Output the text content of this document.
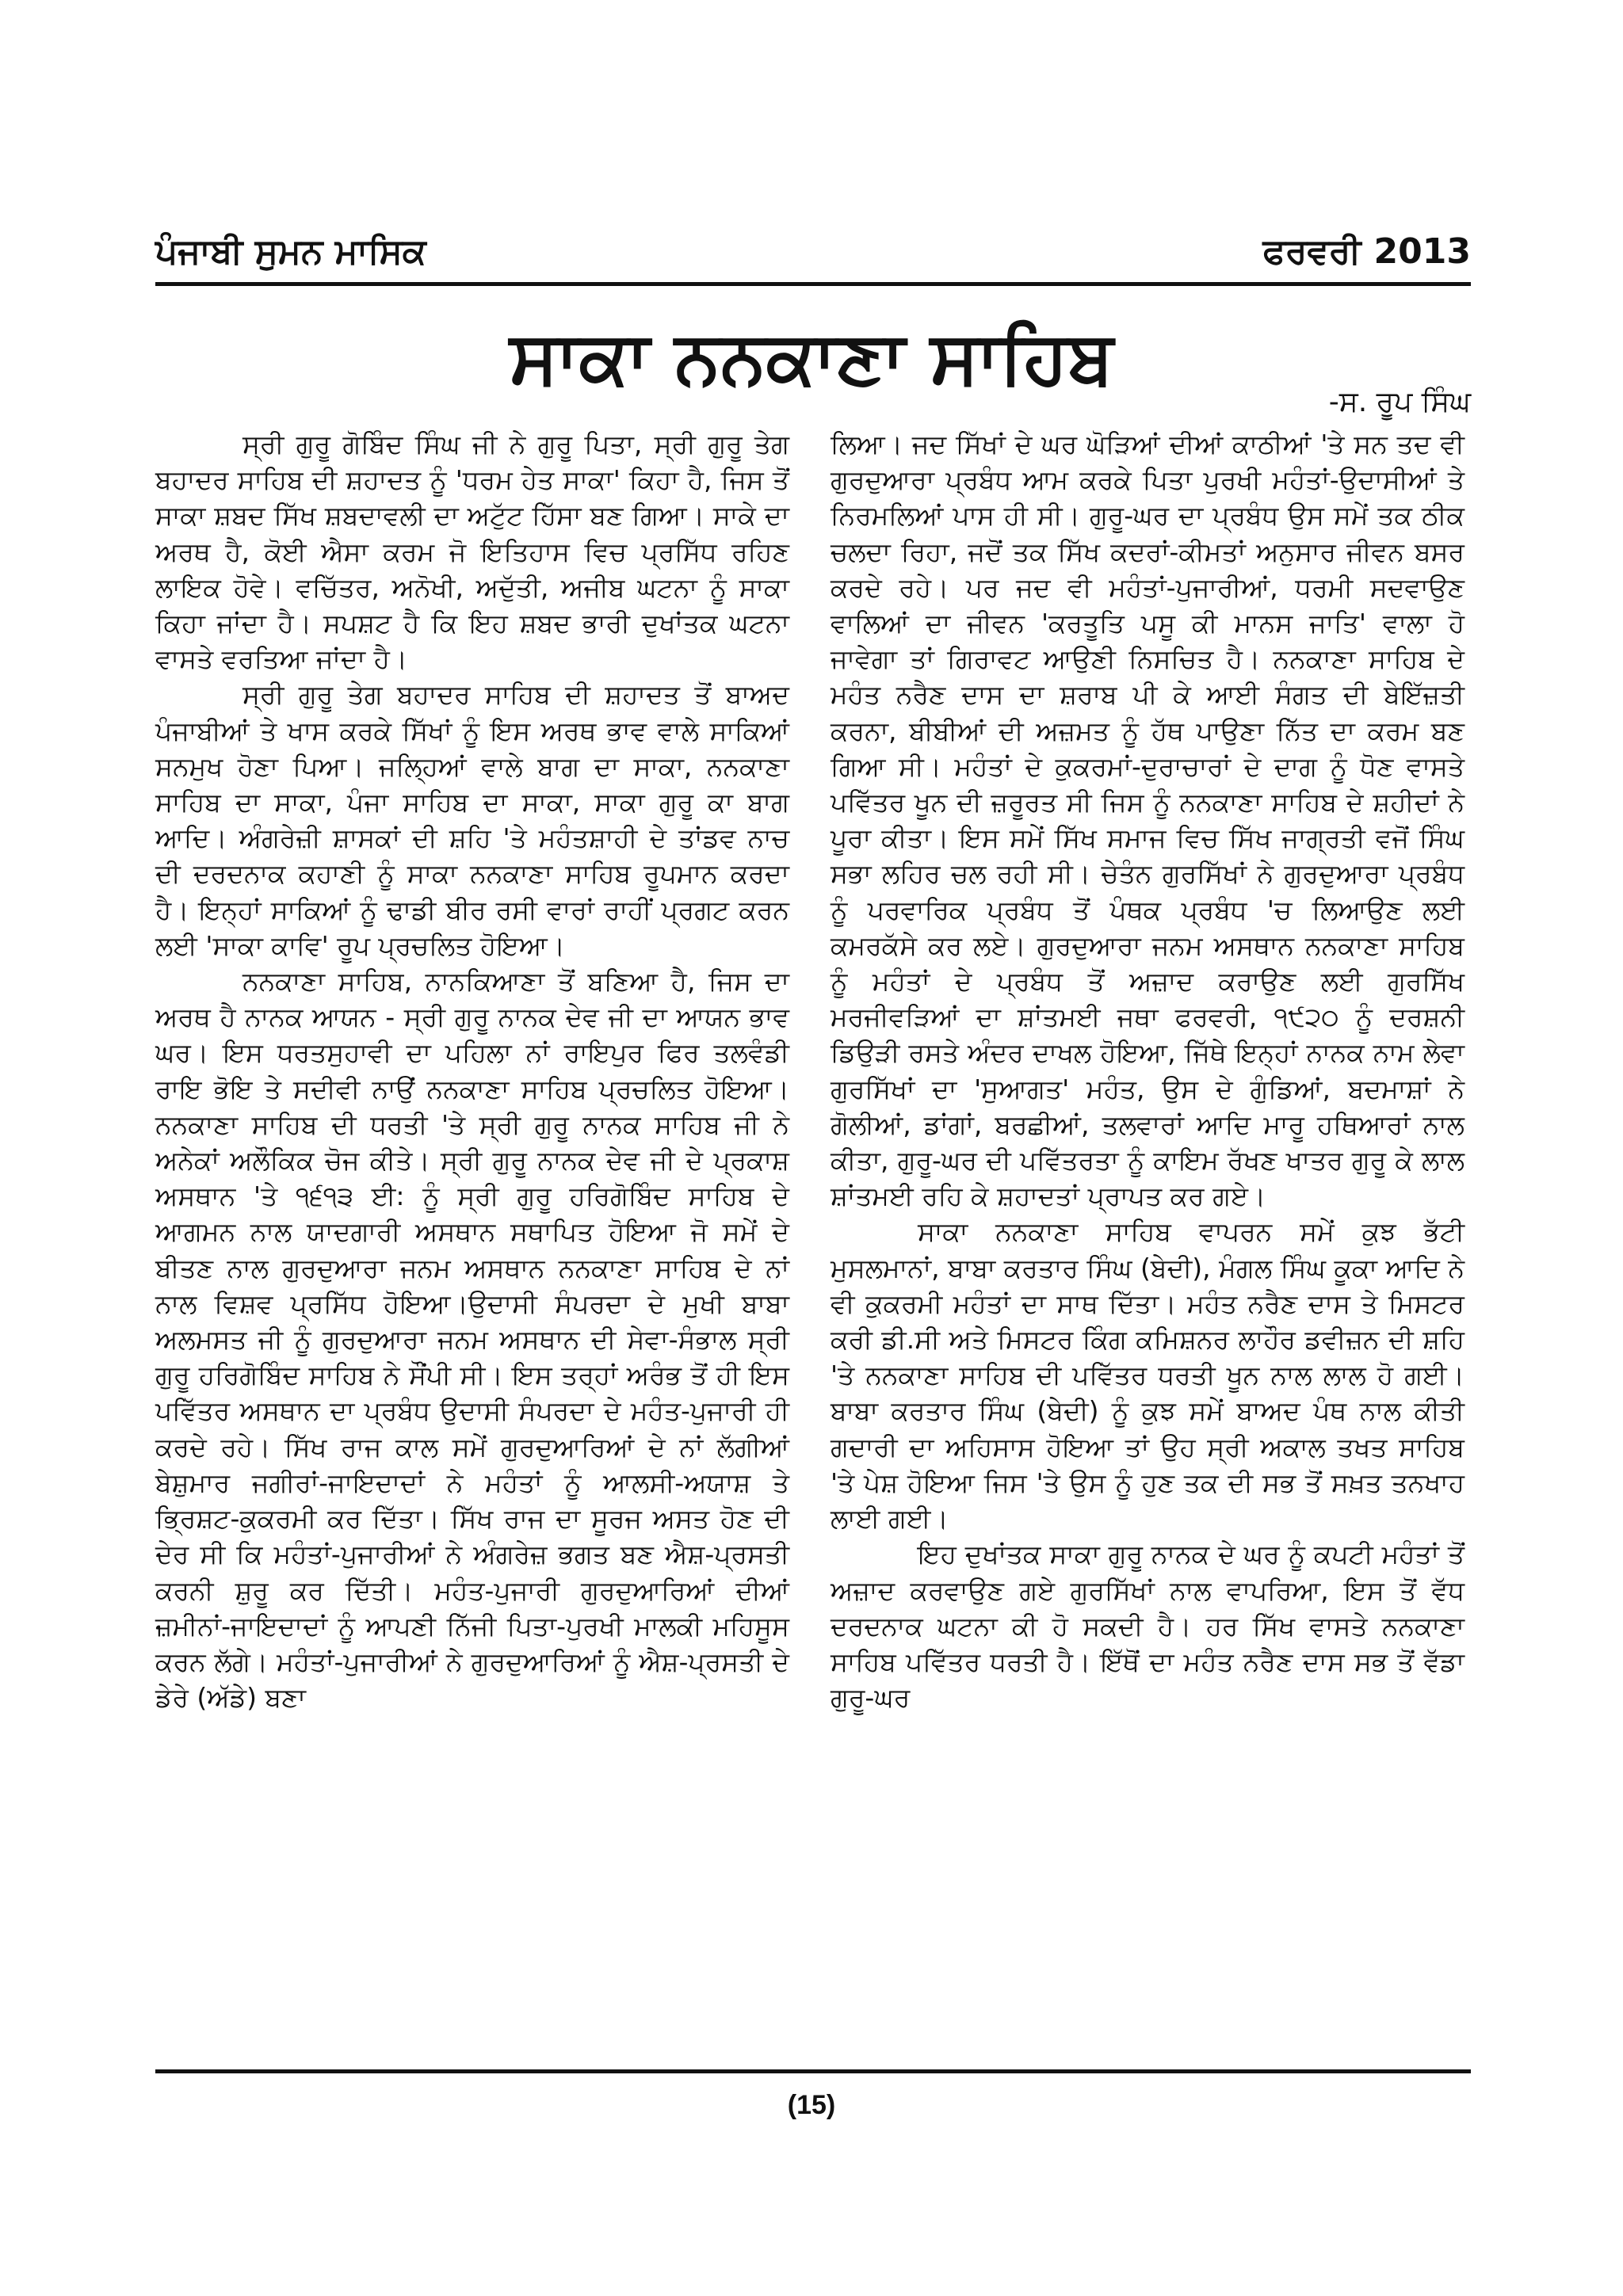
ਪੰਜਾਬੀ ਸੁਮਨ ਮਾਸਿਕ	ਫਰਵਰੀ 2013
ਸਾਕਾ ਨਨਕਾਣਾ ਸਾਹਿਬ
-ਸ. ਰੂਪ ਸਿੰਘ

ਸ੍ਰੀ ਗੁਰੂ ਗੋਬਿੰਦ ਸਿੰਘ ਜੀ ਨੇ ਗੁਰੂ ਪਿਤਾ, ਸ੍ਰੀ ਗੁਰੂ ਤੇਗ ਬਹਾਦਰ ਸਾਹਿਬ ਦੀ ਸ਼ਹਾਦਤ ਨੂੰ 'ਧਰਮ ਹੇਤ ਸਾਕਾ' ਕਿਹਾ ਹੈ, ਜਿਸ ਤੋਂ ਸਾਕਾ ਸ਼ਬਦ ਸਿੱਖ ਸ਼ਬਦਾਵਲੀ ਦਾ ਅਟੁੱਟ ਹਿੱਸਾ ਬਣ ਗਿਆ। ਸਾਕੇ ਦਾ ਅਰਥ ਹੈ, ਕੋਈ ਐਸਾ ਕਰਮ ਜੋ ਇਤਿਹਾਸ ਵਿਚ ਪ੍ਰਸਿੱਧ ਰਹਿਣ ਲਾਇਕ ਹੋਵੇ। ਵਚਿੱਤਰ, ਅਨੋਖੀ, ਅਦੁੱਤੀ, ਅਜੀਬ ਘਟਨਾ ਨੂੰ ਸਾਕਾ ਕਿਹਾ ਜਾਂਦਾ ਹੈ। ਸਪਸ਼ਟ ਹੈ ਕਿ ਇਹ ਸ਼ਬਦ ਭਾਰੀ ਦੁਖਾਂਤਕ ਘਟਨਾ ਵਾਸਤੇ ਵਰਤਿਆ ਜਾਂਦਾ ਹੈ।

ਸ੍ਰੀ ਗੁਰੂ ਤੇਗ ਬਹਾਦਰ ਸਾਹਿਬ ਦੀ ਸ਼ਹਾਦਤ ਤੋਂ ਬਾਅਦ ਪੰਜਾਬੀਆਂ ਤੇ ਖਾਸ ਕਰਕੇ ਸਿੱਖਾਂ ਨੂੰ ਇਸ ਅਰਥ ਭਾਵ ਵਾਲੇ ਸਾਕਿਆਂ ਸਨਮੁਖ ਹੋਣਾ ਪਿਆ। ਜਲ੍ਹਿਆਂ ਵਾਲੇ ਬਾਗ ਦਾ ਸਾਕਾ, ਨਨਕਾਣਾ ਸਾਹਿਬ ਦਾ ਸਾਕਾ, ਪੰਜਾ ਸਾਹਿਬ ਦਾ ਸਾਕਾ, ਸਾਕਾ ਗੁਰੂ ਕਾ ਬਾਗ ਆਦਿ। ਅੰਗਰੇਜ਼ੀ ਸ਼ਾਸਕਾਂ ਦੀ ਸ਼ਹਿ 'ਤੇ ਮਹੰਤਸ਼ਾਹੀ ਦੇ ਤਾਂਡਵ ਨਾਚ ਦੀ ਦਰਦਨਾਕ ਕਹਾਣੀ ਨੂੰ ਸਾਕਾ ਨਨਕਾਣਾ ਸਾਹਿਬ ਰੂਪਮਾਨ ਕਰਦਾ ਹੈ। ਇਨ੍ਹਾਂ ਸਾਕਿਆਂ ਨੂੰ ਢਾਡੀ ਬੀਰ ਰਸੀ ਵਾਰਾਂ ਰਾਹੀਂ ਪ੍ਰਗਟ ਕਰਨ ਲਈ 'ਸਾਕਾ ਕਾਵਿ' ਰੂਪ ਪ੍ਰਚਲਿਤ ਹੋਇਆ।

ਨਨਕਾਣਾ ਸਾਹਿਬ, ਨਾਨਕਿਆਣਾ ਤੋਂ ਬਣਿਆ ਹੈ, ਜਿਸ ਦਾ ਅਰਥ ਹੈ ਨਾਨਕ ਆਯਨ - ਸ੍ਰੀ ਗੁਰੂ ਨਾਨਕ ਦੇਵ ਜੀ ਦਾ ਆਯਨ ਭਾਵ ਘਰ। ਇਸ ਧਰਤਸੁਹਾਵੀ ਦਾ ਪਹਿਲਾ ਨਾਂ ਰਾਇਪੁਰ ਫਿਰ ਤਲਵੰਡੀ ਰਾਇ ਭੋਇ ਤੇ ਸਦੀਵੀ ਨਾਉਂ ਨਨਕਾਣਾ ਸਾਹਿਬ ਪ੍ਰਚਲਿਤ ਹੋਇਆ। ਨਨਕਾਣਾ ਸਾਹਿਬ ਦੀ ਧਰਤੀ 'ਤੇ ਸ੍ਰੀ ਗੁਰੂ ਨਾਨਕ ਸਾਹਿਬ ਜੀ ਨੇ ਅਨੇਕਾਂ ਅਲੌਕਿਕ ਚੋਜ ਕੀਤੇ। ਸ੍ਰੀ ਗੁਰੂ ਨਾਨਕ ਦੇਵ ਜੀ ਦੇ ਪ੍ਰਕਾਸ਼ ਅਸਥਾਨ 'ਤੇ ੧੬੧੩ ਈ: ਨੂੰ ਸ੍ਰੀ ਗੁਰੂ ਹਰਿਗੋਬਿੰਦ ਸਾਹਿਬ ਦੇ ਆਗਮਨ ਨਾਲ ਯਾਦਗਾਰੀ ਅਸਥਾਨ ਸਥਾਪਿਤ ਹੋਇਆ ਜੋ ਸਮੇਂ ਦੇ ਬੀਤਣ ਨਾਲ ਗੁਰਦੁਆਰਾ ਜਨਮ ਅਸਥਾਨ ਨਨਕਾਣਾ ਸਾਹਿਬ ਦੇ ਨਾਂ ਨਾਲ ਵਿਸ਼ਵ ਪ੍ਰਸਿੱਧ ਹੋਇਆ।ਉਦਾਸੀ ਸੰਪਰਦਾ ਦੇ ਮੁਖੀ ਬਾਬਾ ਅਲਮਸਤ ਜੀ ਨੂੰ ਗੁਰਦੁਆਰਾ ਜਨਮ ਅਸਥਾਨ ਦੀ ਸੇਵਾ-ਸੰਭਾਲ ਸ੍ਰੀ ਗੁਰੂ ਹਰਿਗੋਬਿੰਦ ਸਾਹਿਬ ਨੇ ਸੌਂਪੀ ਸੀ। ਇਸ ਤਰ੍ਹਾਂ ਅਰੰਭ ਤੋਂ ਹੀ ਇਸ ਪਵਿੱਤਰ ਅਸਥਾਨ ਦਾ ਪ੍ਰਬੰਧ ਉਦਾਸੀ ਸੰਪਰਦਾ ਦੇ ਮਹੰਤ-ਪੁਜਾਰੀ ਹੀ ਕਰਦੇ ਰਹੇ। ਸਿੱਖ ਰਾਜ ਕਾਲ ਸਮੇਂ ਗੁਰਦੁਆਰਿਆਂ ਦੇ ਨਾਂ ਲੱਗੀਆਂ ਬੇਸ਼ੁਮਾਰ ਜਗੀਰਾਂ-ਜਾਇਦਾਦਾਂ ਨੇ ਮਹੰਤਾਂ ਨੂੰ ਆਲਸੀ-ਅਯਾਸ਼ ਤੇ ਭ੍ਰਿਸ਼ਟ-ਕੁਕਰਮੀ ਕਰ ਦਿੱਤਾ। ਸਿੱਖ ਰਾਜ ਦਾ ਸੂਰਜ ਅਸਤ ਹੋਣ ਦੀ ਦੇਰ ਸੀ ਕਿ ਮਹੰਤਾਂ-ਪੁਜਾਰੀਆਂ ਨੇ ਅੰਗਰੇਜ਼ ਭਗਤ ਬਣ ਐਸ਼-ਪ੍ਰਸਤੀ ਕਰਨੀ ਸ਼ੁਰੂ ਕਰ ਦਿੱਤੀ। ਮਹੰਤ-ਪੁਜਾਰੀ ਗੁਰਦੁਆਰਿਆਂ ਦੀਆਂ ਜ਼ਮੀਨਾਂ-ਜਾਇਦਾਦਾਂ ਨੂੰ ਆਪਣੀ ਨਿੱਜੀ ਪਿਤਾ-ਪੁਰਖੀ ਮਾਲਕੀ ਮਹਿਸੂਸ ਕਰਨ ਲੱਗੇ। ਮਹੰਤਾਂ-ਪੁਜਾਰੀਆਂ ਨੇ ਗੁਰਦੁਆਰਿਆਂ ਨੂੰ ਐਸ਼-ਪ੍ਰਸਤੀ ਦੇ ਡੇਰੇ (ਅੱਡੇ) ਬਣਾ

ਲਿਆ। ਜਦ ਸਿੱਖਾਂ ਦੇ ਘਰ ਘੋੜਿਆਂ ਦੀਆਂ ਕਾਠੀਆਂ 'ਤੇ ਸਨ ਤਦ ਵੀ ਗੁਰਦੁਆਰਾ ਪ੍ਰਬੰਧ ਆਮ ਕਰਕੇ ਪਿਤਾ ਪੁਰਖੀ ਮਹੰਤਾਂ-ਉਦਾਸੀਆਂ ਤੇ ਨਿਰਮਲਿਆਂ ਪਾਸ ਹੀ ਸੀ। ਗੁਰੂ-ਘਰ ਦਾ ਪ੍ਰਬੰਧ ਉਸ ਸਮੇਂ ਤਕ ਠੀਕ ਚਲਦਾ ਰਿਹਾ, ਜਦੋਂ ਤਕ ਸਿੱਖ ਕਦਰਾਂ-ਕੀਮਤਾਂ ਅਨੁਸਾਰ ਜੀਵਨ ਬਸਰ ਕਰਦੇ ਰਹੇ। ਪਰ ਜਦ ਵੀ ਮਹੰਤਾਂ-ਪੁਜਾਰੀਆਂ, ਧਰਮੀ ਸਦਵਾਉਣ ਵਾਲਿਆਂ ਦਾ ਜੀਵਨ 'ਕਰਤੂਤਿ ਪਸੂ ਕੀ ਮਾਨਸ ਜਾਤਿ' ਵਾਲਾ ਹੋ ਜਾਵੇਗਾ ਤਾਂ ਗਿਰਾਵਟ ਆਉਣੀ ਨਿਸਚਿਤ ਹੈ। ਨਨਕਾਣਾ ਸਾਹਿਬ ਦੇ ਮਹੰਤ ਨਰੈਣ ਦਾਸ ਦਾ ਸ਼ਰਾਬ ਪੀ ਕੇ ਆਈ ਸੰਗਤ ਦੀ ਬੇਇੱਜ਼ਤੀ ਕਰਨਾ, ਬੀਬੀਆਂ ਦੀ ਅਜ਼ਮਤ ਨੂੰ ਹੱਥ ਪਾਉਣਾ ਨਿੱਤ ਦਾ ਕਰਮ ਬਣ ਗਿਆ ਸੀ। ਮਹੰਤਾਂ ਦੇ ਕੁਕਰਮਾਂ-ਦੁਰਾਚਾਰਾਂ ਦੇ ਦਾਗ ਨੂੰ ਧੋਣ ਵਾਸਤੇ ਪਵਿੱਤਰ ਖੂਨ ਦੀ ਜ਼ਰੂਰਤ ਸੀ ਜਿਸ ਨੂੰ ਨਨਕਾਣਾ ਸਾਹਿਬ ਦੇ ਸ਼ਹੀਦਾਂ ਨੇ ਪੂਰਾ ਕੀਤਾ। ਇਸ ਸਮੇਂ ਸਿੱਖ ਸਮਾਜ ਵਿਚ ਸਿੱਖ ਜਾਗ੍ਰਤੀ ਵਜੋਂ ਸਿੰਘ ਸਭਾ ਲਹਿਰ ਚਲ ਰਹੀ ਸੀ। ਚੇਤੰਨ ਗੁਰਸਿੱਖਾਂ ਨੇ ਗੁਰਦੁਆਰਾ ਪ੍ਰਬੰਧ ਨੂੰ ਪਰਵਾਰਿਕ ਪ੍ਰਬੰਧ ਤੋਂ ਪੰਥਕ ਪ੍ਰਬੰਧ 'ਚ ਲਿਆਉਣ ਲਈ ਕਮਰਕੱਸੇ ਕਰ ਲਏ। ਗੁਰਦੁਆਰਾ ਜਨਮ ਅਸਥਾਨ ਨਨਕਾਣਾ ਸਾਹਿਬ ਨੂੰ ਮਹੰਤਾਂ ਦੇ ਪ੍ਰਬੰਧ ਤੋਂ ਅਜ਼ਾਦ ਕਰਾਉਣ ਲਈ ਗੁਰਸਿੱਖ ਮਰਜੀਵੜਿਆਂ ਦਾ ਸ਼ਾਂਤਮਈ ਜਥਾ ਫਰਵਰੀ, ੧੯੨੦ ਨੂੰ ਦਰਸ਼ਨੀ ਡਿਉੜੀ ਰਸਤੇ ਅੰਦਰ ਦਾਖਲ ਹੋਇਆ, ਜਿੱਥੇ ਇਨ੍ਹਾਂ ਨਾਨਕ ਨਾਮ ਲੇਵਾ ਗੁਰਸਿੱਖਾਂ ਦਾ 'ਸੁਆਗਤ' ਮਹੰਤ, ਉਸ ਦੇ ਗੁੰਡਿਆਂ, ਬਦਮਾਸ਼ਾਂ ਨੇ ਗੋਲੀਆਂ, ਡਾਂਗਾਂ, ਬਰਛੀਆਂ, ਤਲਵਾਰਾਂ ਆਦਿ ਮਾਰੂ ਹਥਿਆਰਾਂ ਨਾਲ ਕੀਤਾ, ਗੁਰੂ-ਘਰ ਦੀ ਪਵਿੱਤਰਤਾ ਨੂੰ ਕਾਇਮ ਰੱਖਣ ਖਾਤਰ ਗੁਰੂ ਕੇ ਲਾਲ ਸ਼ਾਂਤਮਈ ਰਹਿ ਕੇ ਸ਼ਹਾਦਤਾਂ ਪ੍ਰਾਪਤ ਕਰ ਗਏ।

ਸਾਕਾ ਨਨਕਾਣਾ ਸਾਹਿਬ ਵਾਪਰਨ ਸਮੇਂ ਕੁਝ ਭੱਟੀ ਮੁਸਲਮਾਨਾਂ, ਬਾਬਾ ਕਰਤਾਰ ਸਿੰਘ (ਬੇਦੀ), ਮੰਗਲ ਸਿੰਘ ਕੂਕਾ ਆਦਿ ਨੇ ਵੀ ਕੁਕਰਮੀ ਮਹੰਤਾਂ ਦਾ ਸਾਥ ਦਿੱਤਾ। ਮਹੰਤ ਨਰੈਣ ਦਾਸ ਤੇ ਮਿਸਟਰ ਕਰੀ ਡੀ.ਸੀ ਅਤੇ ਮਿਸਟਰ ਕਿੰਗ ਕਮਿਸ਼ਨਰ ਲਾਹੌਰ ਡਵੀਜ਼ਨ ਦੀ ਸ਼ਹਿ 'ਤੇ ਨਨਕਾਣਾ ਸਾਹਿਬ ਦੀ ਪਵਿੱਤਰ ਧਰਤੀ ਖੂਨ ਨਾਲ ਲਾਲ ਹੋ ਗਈ। ਬਾਬਾ ਕਰਤਾਰ ਸਿੰਘ (ਬੇਦੀ) ਨੂੰ ਕੁਝ ਸਮੇਂ ਬਾਅਦ ਪੰਥ ਨਾਲ ਕੀਤੀ ਗਦਾਰੀ ਦਾ ਅਹਿਸਾਸ ਹੋਇਆ ਤਾਂ ਉਹ ਸ੍ਰੀ ਅਕਾਲ ਤਖਤ ਸਾਹਿਬ 'ਤੇ ਪੇਸ਼ ਹੋਇਆ ਜਿਸ 'ਤੇ ਉਸ ਨੂੰ ਹੁਣ ਤਕ ਦੀ ਸਭ ਤੋਂ ਸਖ਼ਤ ਤਨਖਾਹ ਲਾਈ ਗਈ।

ਇਹ ਦੁਖਾਂਤਕ ਸਾਕਾ ਗੁਰੂ ਨਾਨਕ ਦੇ ਘਰ ਨੂੰ ਕਪਟੀ ਮਹੰਤਾਂ ਤੋਂ ਅਜ਼ਾਦ ਕਰਵਾਉਣ ਗਏ ਗੁਰਸਿੱਖਾਂ ਨਾਲ ਵਾਪਰਿਆ, ਇਸ ਤੋਂ ਵੱਧ ਦਰਦਨਾਕ ਘਟਨਾ ਕੀ ਹੋ ਸਕਦੀ ਹੈ। ਹਰ ਸਿੱਖ ਵਾਸਤੇ ਨਨਕਾਣਾ ਸਾਹਿਬ ਪਵਿੱਤਰ ਧਰਤੀ ਹੈ। ਇੱਥੋਂ ਦਾ ਮਹੰਤ ਨਰੈਣ ਦਾਸ ਸਭ ਤੋਂ ਵੱਡਾ ਗੁਰੂ-ਘਰ

(15)
